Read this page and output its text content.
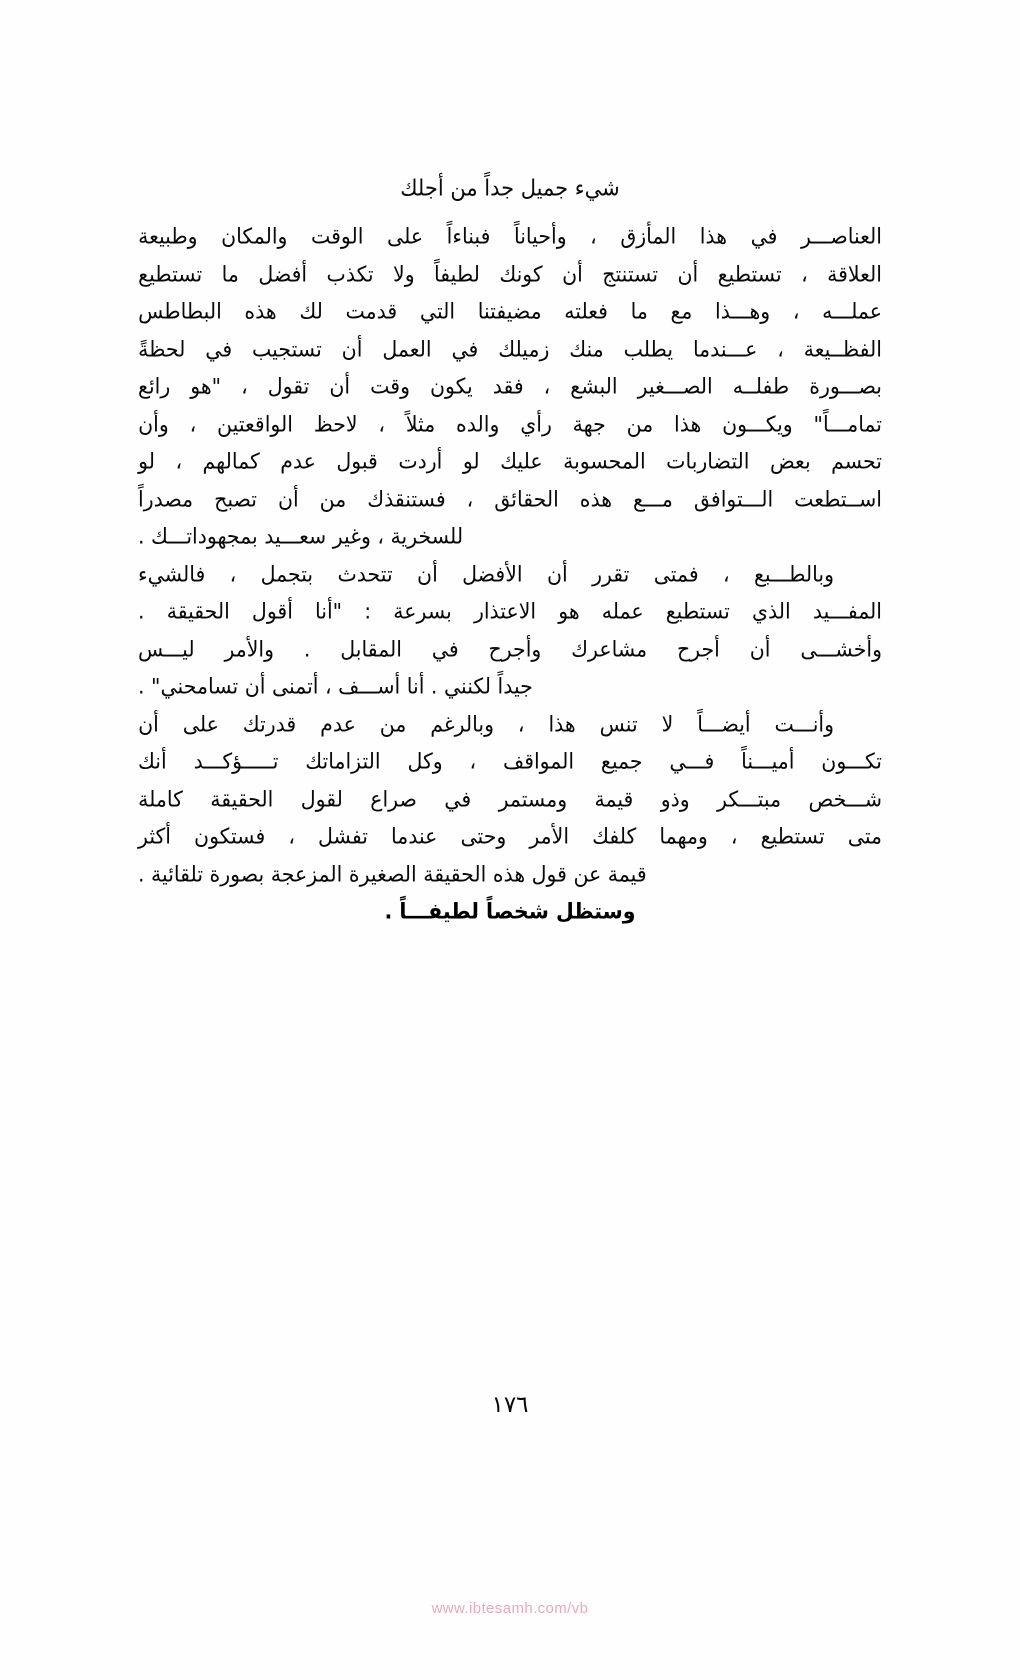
شيء جميل جداً من أجلك
العناصـــر
في
هذا
المأزق
،
وأحياناً
فبناءاً
على
الوقت
والمكان
وطبيعة
العلاقة
،
تستطيع
أن
تستنتج
أن
كونك
لطيفاً
ولا
تكذب
أفضل
ما
تستطيع
عملـــه
،
وهـــذا
مع
ما
فعلته
مضيفتنا
التي
قدمت
لك
هذه
البطاطس
الفظــيعة
،
عـــندما
يطلب
منك
زميلك
في
العمل
أن
تستجيب
في
لحظةً
بصـــورة
طفلــه
الصـــغير
البشع
،
فقد
يكون
وقت
أن
تقول
،
"هو
رائع
تمامـــاً"
ويكـــون
هذا
من
جهة
رأي
والده
مثلاً
،
لاحظ
الواقعتين
،
وأن
تحسم
بعض
التضاربات
المحسوبة
عليك
لو
أردت
قبول
عدم
كمالهم
،
لو
اســتطعت
الـــتوافق
مـــع
هذه
الحقائق
،
فستنقذك
من
أن
تصبح
مصدراً
للسخرية ، وغير سعـــيد بمجهوداتـــك .
وبالطـــبع
،
فمتى
تقرر
أن
الأفضل
أن
تتحدث
بتجمل
،
فالشيء
المفـــيد
الذي
تستطيع
عمله
هو
الاعتذار
بسرعة
:
"أنا
أقول
الحقيقة
.
وأخشـــى
أن
أجرح
مشاعرك
وأجرح
في
المقابل
.
والأمر
ليـــس
جيداً لكنني . أنا أســـف ، أتمنى أن تسامحني" .
وأنـــت
أيضـــاً
لا
تنس
هذا
،
وبالرغم
من
عدم
قدرتك
على
أن
تكـــون
أميـــناً
فـــي
جميع
المواقف
،
وكل
التزاماتك
تـــــؤكـــد
أنك
شـــخص
مبتـــكر
وذو
قيمة
ومستمر
في
صراع
لقول
الحقيقة
كاملة
متى
تستطيع
،
ومهما
كلفك
الأمر
وحتى
عندما
تفشل
،
فستكون
أكثر
قيمة عن قول هذه الحقيقة الصغيرة المزعجة بصورة تلقائية .
وستظل شخصاً لطيفـــاً .
١٧٦
www.ibtesamh.com/vb
